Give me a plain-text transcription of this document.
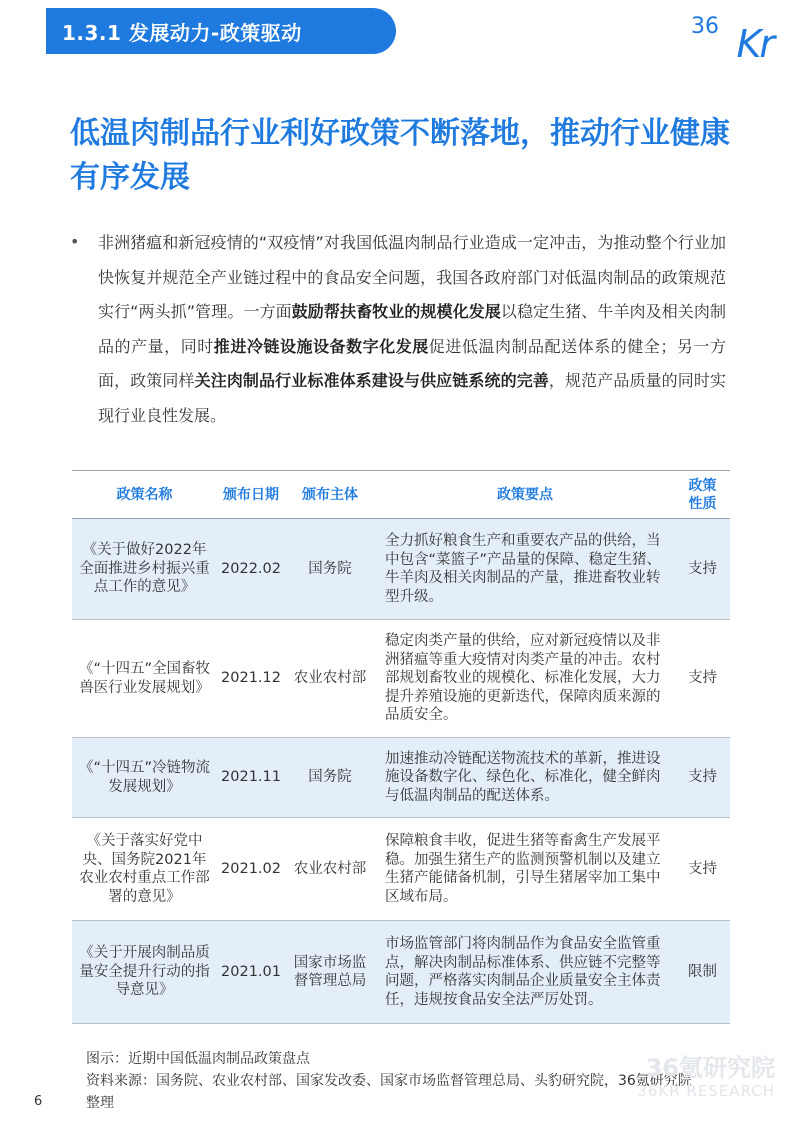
1.3.1 发展动力-政策驱动	36 Kr
低温肉制品行业利好政策不断落地，推动行业健康有序发展
• 非洲猪瘟和新冠疫情的“双疫情”对我国低温肉制品行业造成一定冲击，为推动整个行业加快恢复并规范全产业链过程中的食品安全问题，我国各政府部门对低温肉制品的政策规范实行“两头抓”管理。一方面鼓励帮扶畜牧业的规模化发展以稳定生猪、牛羊肉及相关肉制品的产量，同时推进冷链设施设备数字化发展促进低温肉制品配送体系的健全；另一方面，政策同样关注肉制品行业标准体系建设与供应链系统的完善，规范产品质量的同时实现行业良性发展。

政策名称	颁布日期	颁布主体	政策要点	政策性质
《关于做好2022年全面推进乡村振兴重点工作的意见》	2022.02	国务院	全力抓好粮食生产和重要农产品的供给，当中包含“菜篮子”产品量的保障、稳定生猪、牛羊肉及相关肉制品的产量，推进畜牧业转型升级。	支持
《“十四五”全国畜牧兽医行业发展规划》	2021.12	农业农村部	稳定肉类产量的供给，应对新冠疫情以及非洲猪瘟等重大疫情对肉类产量的冲击。农村部规划畜牧业的规模化、标准化发展，大力提升养殖设施的更新迭代，保障肉质来源的品质安全。	支持
《“十四五”冷链物流发展规划》	2021.11	国务院	加速推动冷链配送物流技术的革新，推进设施设备数字化、绿色化、标准化，健全鲜肉与低温肉制品的配送体系。	支持
《关于落实好党中央、国务院2021年农业农村重点工作部署的意见》	2021.02	农业农村部	保障粮食丰收，促进生猪等畜禽生产发展平稳。加强生猪生产的监测预警机制以及建立生猪产能储备机制，引导生猪屠宰加工集中区域布局。	支持
《关于开展肉制品质量安全提升行动的指导意见》	2021.01	国家市场监督管理总局	市场监管部门将肉制品作为食品安全监管重点，解决肉制品标准体系、供应链不完整等问题，严格落实肉制品企业质量安全主体责任，违规按食品安全法严厉处罚。	限制
图示：近期中国低温肉制品政策盘点
资料来源：国务院、农业农村部、国家发改委、国家市场监督管理总局、头豹研究院，36氪研究院整理
6
36氪研究院
36KR RESEARCH
